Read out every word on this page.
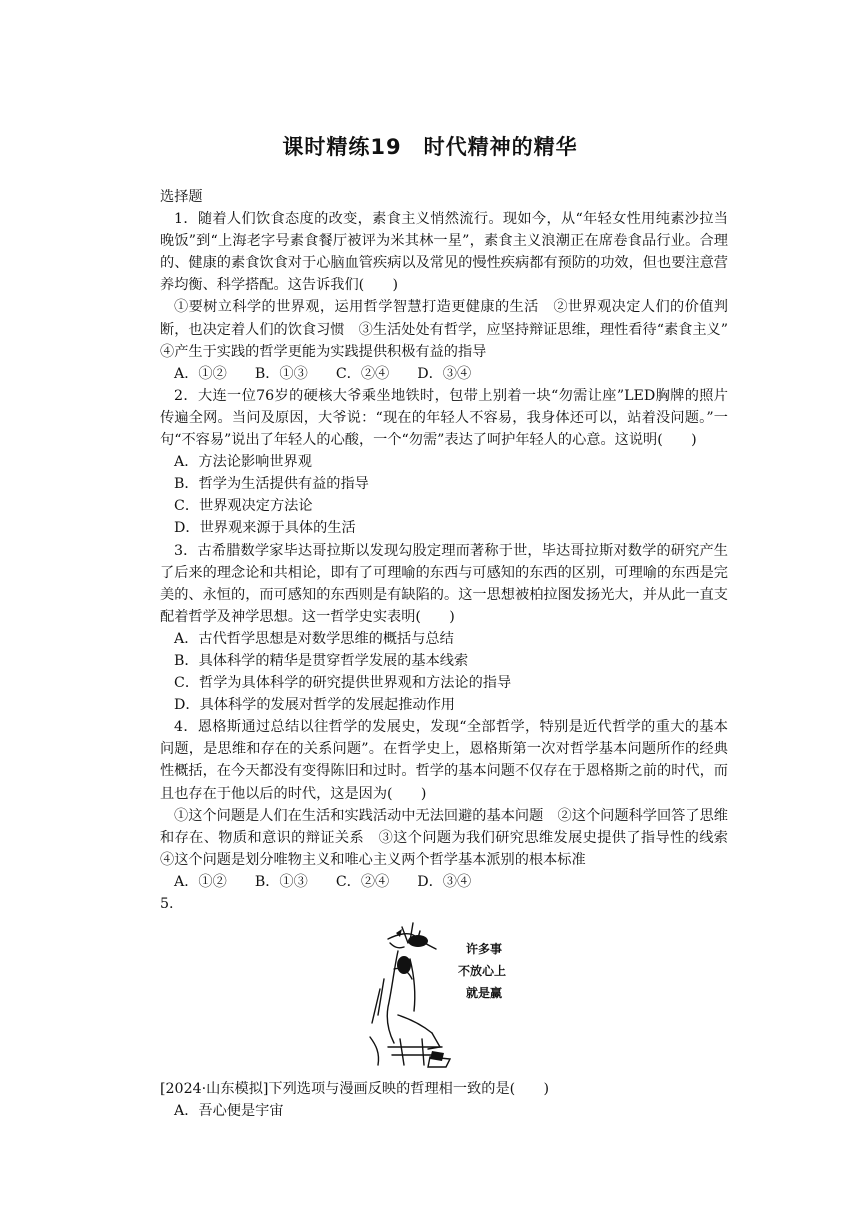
课时精练19　时代精神的精华

选择题

1．随着人们饮食态度的改变，素食主义悄然流行。现如今，从“年轻女性用纯素沙拉当晚饭”到“上海老字号素食餐厅被评为米其林一星”，素食主义浪潮正在席卷食品行业。合理的、健康的素食饮食对于心脑血管疾病以及常见的慢性疾病都有预防的功效，但也要注意营养均衡、科学搭配。这告诉我们(　　)

①要树立科学的世界观，运用哲学智慧打造更健康的生活　②世界观决定人们的价值判断，也决定着人们的饮食习惯　③生活处处有哲学，应坚持辩证思维，理性看待“素食主义”　④产生于实践的哲学更能为实践提供积极有益的指导

A．①② B．①③ C．②④ D．③④

2．大连一位76岁的硬核大爷乘坐地铁时，包带上别着一块“勿需让座”LED胸牌的照片传遍全网。当问及原因，大爷说：“现在的年轻人不容易，我身体还可以，站着没问题。”一句“不容易”说出了年轻人的心酸，一个“勿需”表达了呵护年轻人的心意。这说明(　　)

A．方法论影响世界观

B．哲学为生活提供有益的指导

C．世界观决定方法论

D．世界观来源于具体的生活

3．古希腊数学家毕达哥拉斯以发现勾股定理而著称于世，毕达哥拉斯对数学的研究产生了后来的理念论和共相论，即有了可理喻的东西与可感知的东西的区别，可理喻的东西是完美的、永恒的，而可感知的东西则是有缺陷的。这一思想被柏拉图发扬光大，并从此一直支配着哲学及神学思想。这一哲学史实表明(　　)

A．古代哲学思想是对数学思维的概括与总结

B．具体科学的精华是贯穿哲学发展的基本线索

C．哲学为具体科学的研究提供世界观和方法论的指导

D．具体科学的发展对哲学的发展起推动作用

4．恩格斯通过总结以往哲学的发展史，发现“全部哲学，特别是近代哲学的重大的基本问题，是思维和存在的关系问题”。在哲学史上，恩格斯第一次对哲学基本问题所作的经典性概括，在今天都没有变得陈旧和过时。哲学的基本问题不仅存在于恩格斯之前的时代，而且也存在于他以后的时代，这是因为(　　)

①这个问题是人们在生活和实践活动中无法回避的基本问题　②这个问题科学回答了思维和存在、物质和意识的辩证关系　③这个问题为我们研究思维发展史提供了指导性的线索　④这个问题是划分唯物主义和唯心主义两个哲学基本派别的根本标准

A．①② B．①③ C．②④ D．③④

5.

许多事
不放心上
就是赢

[2024·山东模拟]下列选项与漫画反映的哲理相一致的是(　　)

A．吾心便是宇宙
